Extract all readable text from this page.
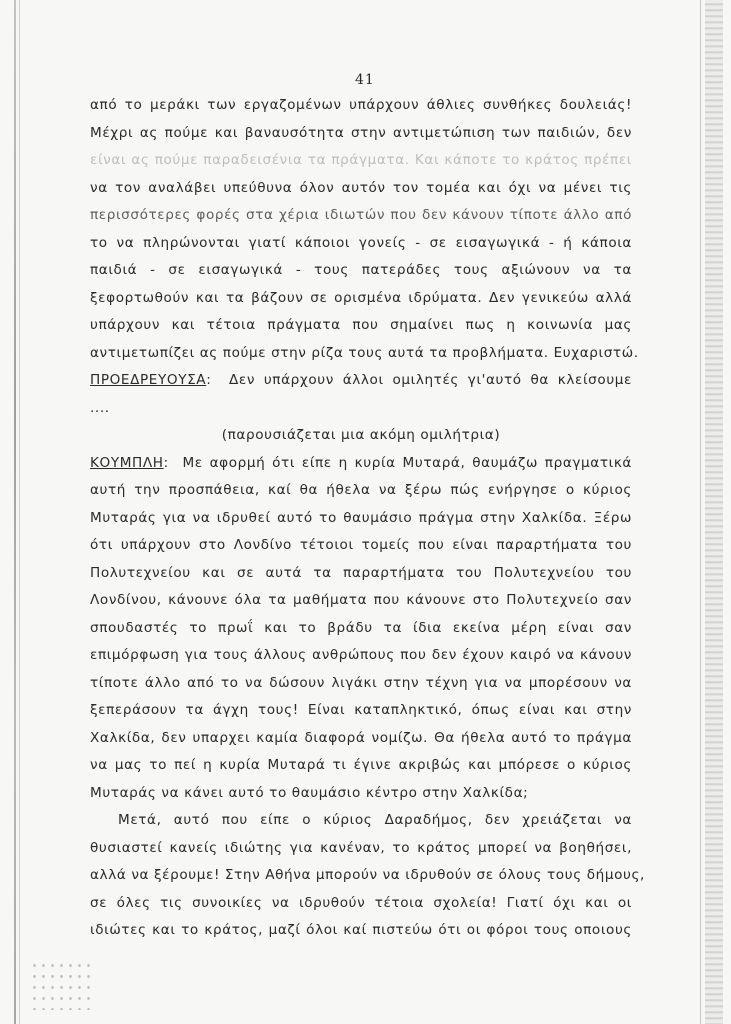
41
από το μεράκι των εργαζομένων υπάρχουν άθλιες συνθήκες δουλειάς!
Μέχρι ας πούμε και βαναυσότητα στην αντιμετώπιση των παιδιών, δεν
είναι ας πούμε παραδεισένια τα πράγματα. Και κάποτε το κράτος πρέπει
να τον αναλάβει υπεύθυνα όλον αυτόν τον τομέα και όχι να μένει τις
περισσότερες φορές στα χέρια ιδιωτών που δεν κάνουν τίποτε άλλο από
το να πληρώνονται γιατί κάποιοι γονείς - σε εισαγωγικά - ή κάποια
παιδιά - σε εισαγωγικά - τους πατεράδες τους αξιώνουν να τα
ξεφορτωθούν και τα βάζουν σε ορισμένα ιδρύματα. Δεν γενικεύω αλλά
υπάρχουν και τέτοια πράγματα που σημαίνει πως η κοινωνία μας
αντιμετωπίζει ας πούμε στην ρίζα τους αυτά τα προβλήματα. Ευχαριστώ.
ΠΡΟΕΔΡΕΥΟΥΣΑ:  Δεν υπάρχουν άλλοι ομιλητές γι'αυτό θα κλείσουμε
....
(παρουσιάζεται μια ακόμη ομιλήτρια)
ΚΟΥΜΠΛΗ:  Με αφορμή ότι είπε η κυρία Μυταρά, θαυμάζω πραγματικά
αυτή την προσπάθεια, καί θα ήθελα να ξέρω πώς ενήργησε ο κύριος
Μυταράς για να ιδρυθεί αυτό το θαυμάσιο πράγμα στην Χαλκίδα. Ξέρω
ότι υπάρχουν στο Λονδίνο τέτοιοι τομείς που είναι παραρτήματα του
Πολυτεχνείου και σε αυτά τα παραρτήματα του Πολυτεχνείου του
Λονδίνου, κάνουνε όλα τα μαθήματα που κάνουνε στο Πολυτεχνείο σαν
σπουδαστές το πρωΐ και το βράδυ τα ίδια εκείνα μέρη είναι σαν
επιμόρφωση για τους άλλους ανθρώπους που δεν έχουν καιρό να κάνουν
τίποτε άλλο από το να δώσουν λιγάκι στην τέχνη για να μπορέσουν να
ξεπεράσουν τα άγχη τους! Είναι καταπληκτικό, όπως είναι και στην
Χαλκίδα, δεν υπαρχει καμία διαφορά νομίζω. Θα ήθελα αυτό το πράγμα
να μας το πεί η κυρία Μυταρά τι έγινε ακριβώς και μπόρεσε ο κύριος
Μυταράς να κάνει αυτό το θαυμάσιο κέντρο στην Χαλκίδα;
Μετά, αυτό που είπε ο κύριος Δαραδήμος, δεν χρειάζεται να
θυσιαστεί κανείς ιδιώτης για κανέναν, το κράτος μπορεί να βοηθήσει,
αλλά να ξέρουμε! Στην Αθήνα μπορούν να ιδρυθούν σε όλους τους δήμους,
σε όλες τις συνοικίες να ιδρυθούν τέτοια σχολεία! Γιατί όχι και οι
ιδιώτες και το κράτος, μαζί όλοι καί πιστεύω ότι οι φόροι τους οποιους
